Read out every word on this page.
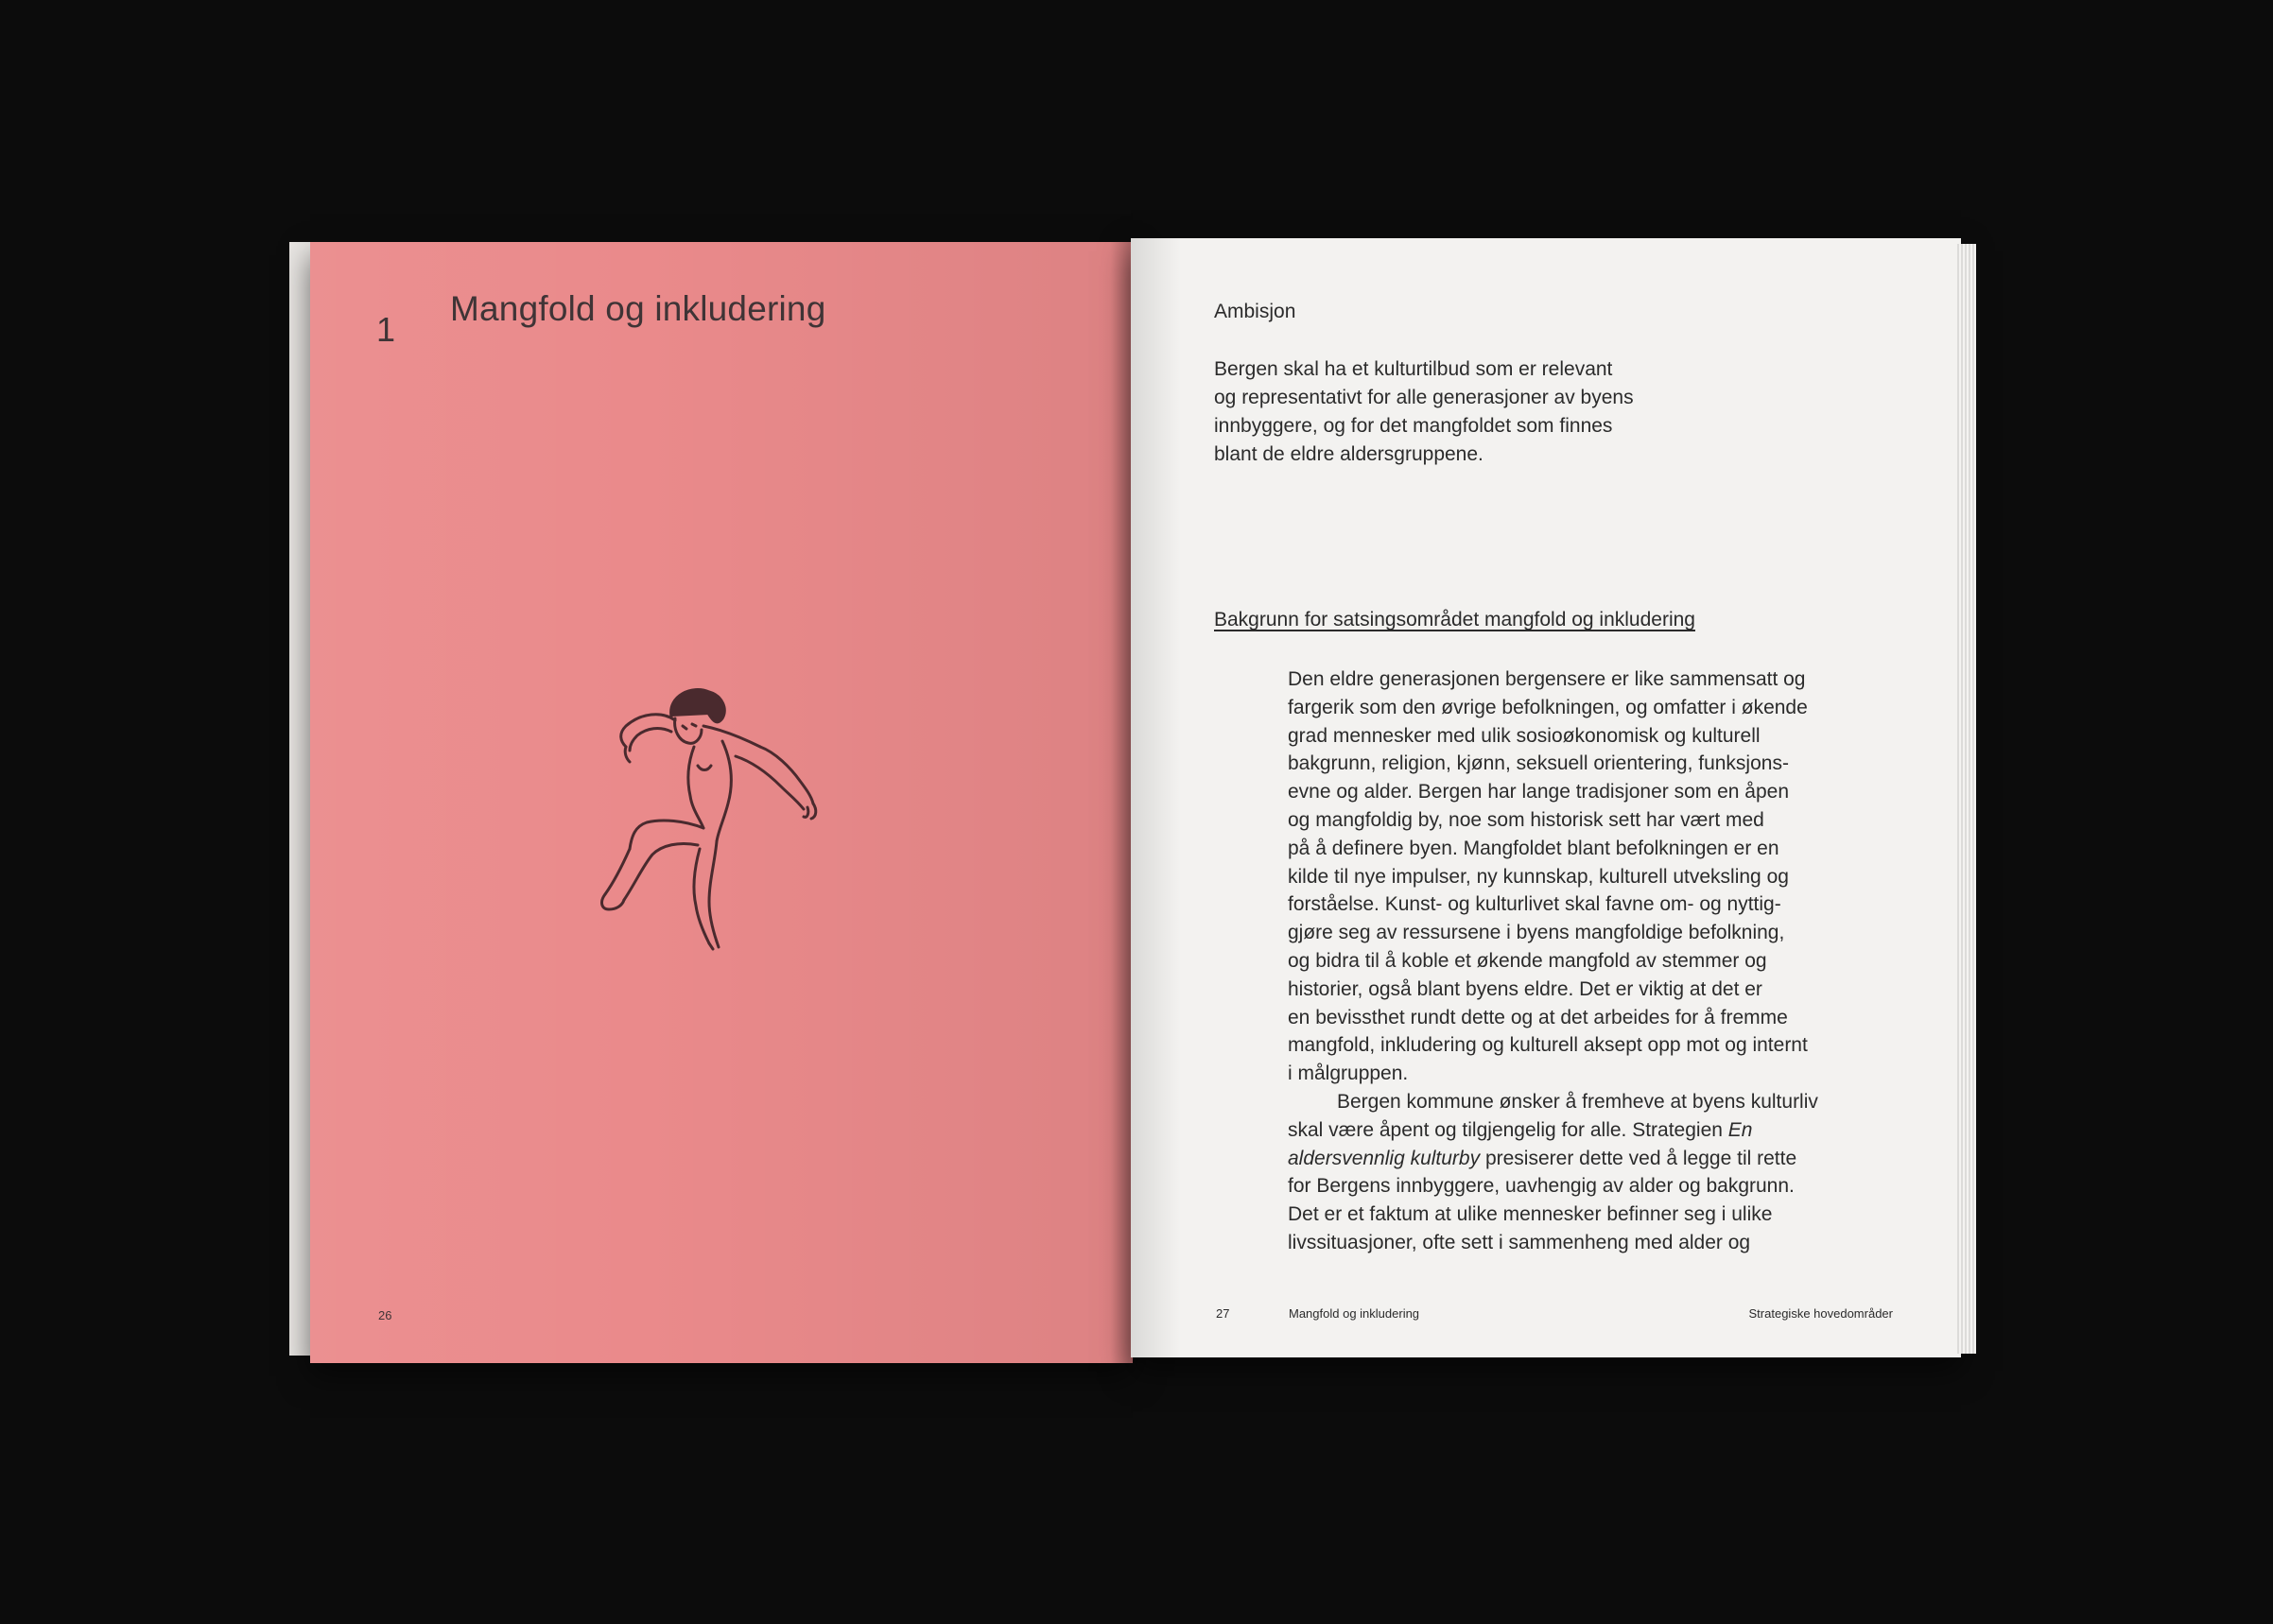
1
Mangfold og inkludering
26
Ambisjon
Bergen skal ha et kulturtilbud som er relevant
og representativt for alle generasjoner av byens
innbyggere, og for det mangfoldet som finnes
blant de eldre aldersgruppene.
Bakgrunn for satsingsområdet mangfold og inkludering
Den eldre generasjonen bergensere er like sammensatt og
fargerik som den øvrige befolkningen, og omfatter i økende
grad mennesker med ulik sosioøkonomisk og kulturell
bakgrunn, religion, kjønn, seksuell orientering, funksjons-
evne og alder. Bergen har lange tradisjoner som en åpen
og mangfoldig by, noe som historisk sett har vært med
på å definere byen. Mangfoldet blant befolkningen er en
kilde til nye impulser, ny kunnskap, kulturell utveksling og
forståelse. Kunst- og kulturlivet skal favne om- og nyttig-
gjøre seg av ressursene i byens mangfoldige befolkning,
og bidra til å koble et økende mangfold av stemmer og
historier, også blant byens eldre. Det er viktig at det er
en bevissthet rundt dette og at det arbeides for å fremme
mangfold, inkludering og kulturell aksept opp mot og internt
i målgruppen.
Bergen kommune ønsker å fremheve at byens kulturliv
skal være åpent og tilgjengelig for alle. Strategien En
aldersvennlig kulturby presiserer dette ved å legge til rette
for Bergens innbyggere, uavhengig av alder og bakgrunn.
Det er et faktum at ulike mennesker befinner seg i ulike
livssituasjoner, ofte sett i sammenheng med alder og
27	Mangfold og inkludering	Strategiske hovedområder
